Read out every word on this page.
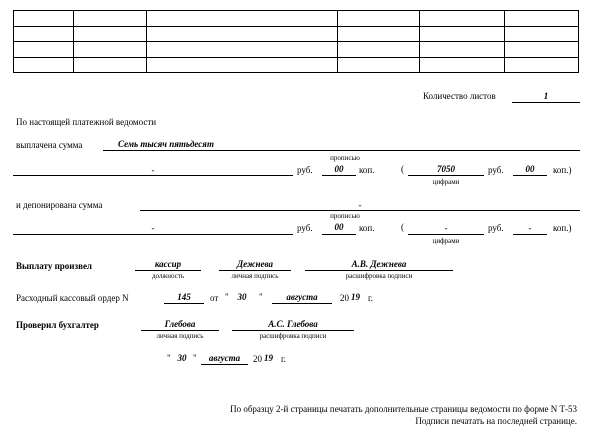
Количество листов	1
По настоящей платежной ведомости
выплачена сумма	Семь тысяч пятьдесят
-	руб.
прописью
00	коп.	(	7050
цифрами
руб.	00	коп.)
и депонирована сумма	-
-	руб.
прописью
00	коп.	(	-
цифрами
руб.	-	коп.)
Выплату произвел	кассир
должность
Дежнева
личная подпись
А.В. Дежнева
расшифровка подписи
Расходный кассовый ордер N	145	от " 30	"	августа	20 19 г.
Проверил бухгалтер	Глебова
личная подпись
А.С. Глебова
расшифровка подписи
" 30 "	августа	20 19 г.
По образцу 2-й страницы печатать дополнительные страницы ведомости по форме N Т-53
Подписи печатать на последней странице.
